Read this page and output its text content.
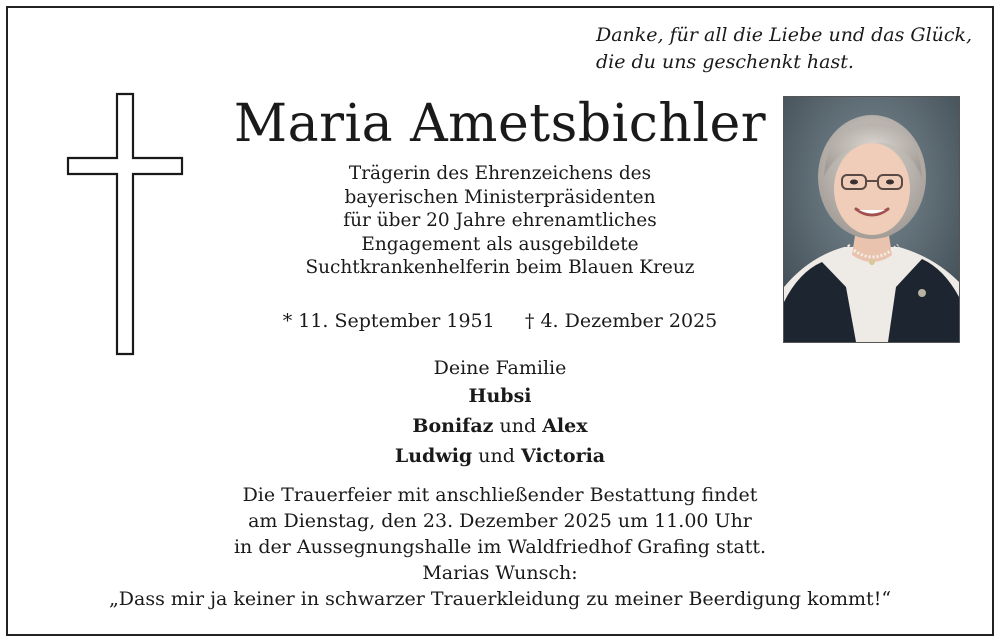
Danke, für all die Liebe und das Glück,
die du uns geschenkt hast.
Maria Ametsbichler
Trägerin des Ehrenzeichens des
bayerischen Ministerpräsidenten
für über 20 Jahre ehrenamtliches
Engagement als ausgebildete
Suchtkrankenhelferin beim Blauen Kreuz
* 11. September 1951 † 4. Dezember 2025
Deine Familie
Hubsi
Bonifaz und Alex
Ludwig und Victoria
Die Trauerfeier mit anschließender Bestattung findet
am Dienstag, den 23. Dezember 2025 um 11.00 Uhr
in der Aussegnungshalle im Waldfriedhof Grafing statt.
Marias Wunsch:
„Dass mir ja keiner in schwarzer Trauerkleidung zu meiner Beerdigung kommt!“
